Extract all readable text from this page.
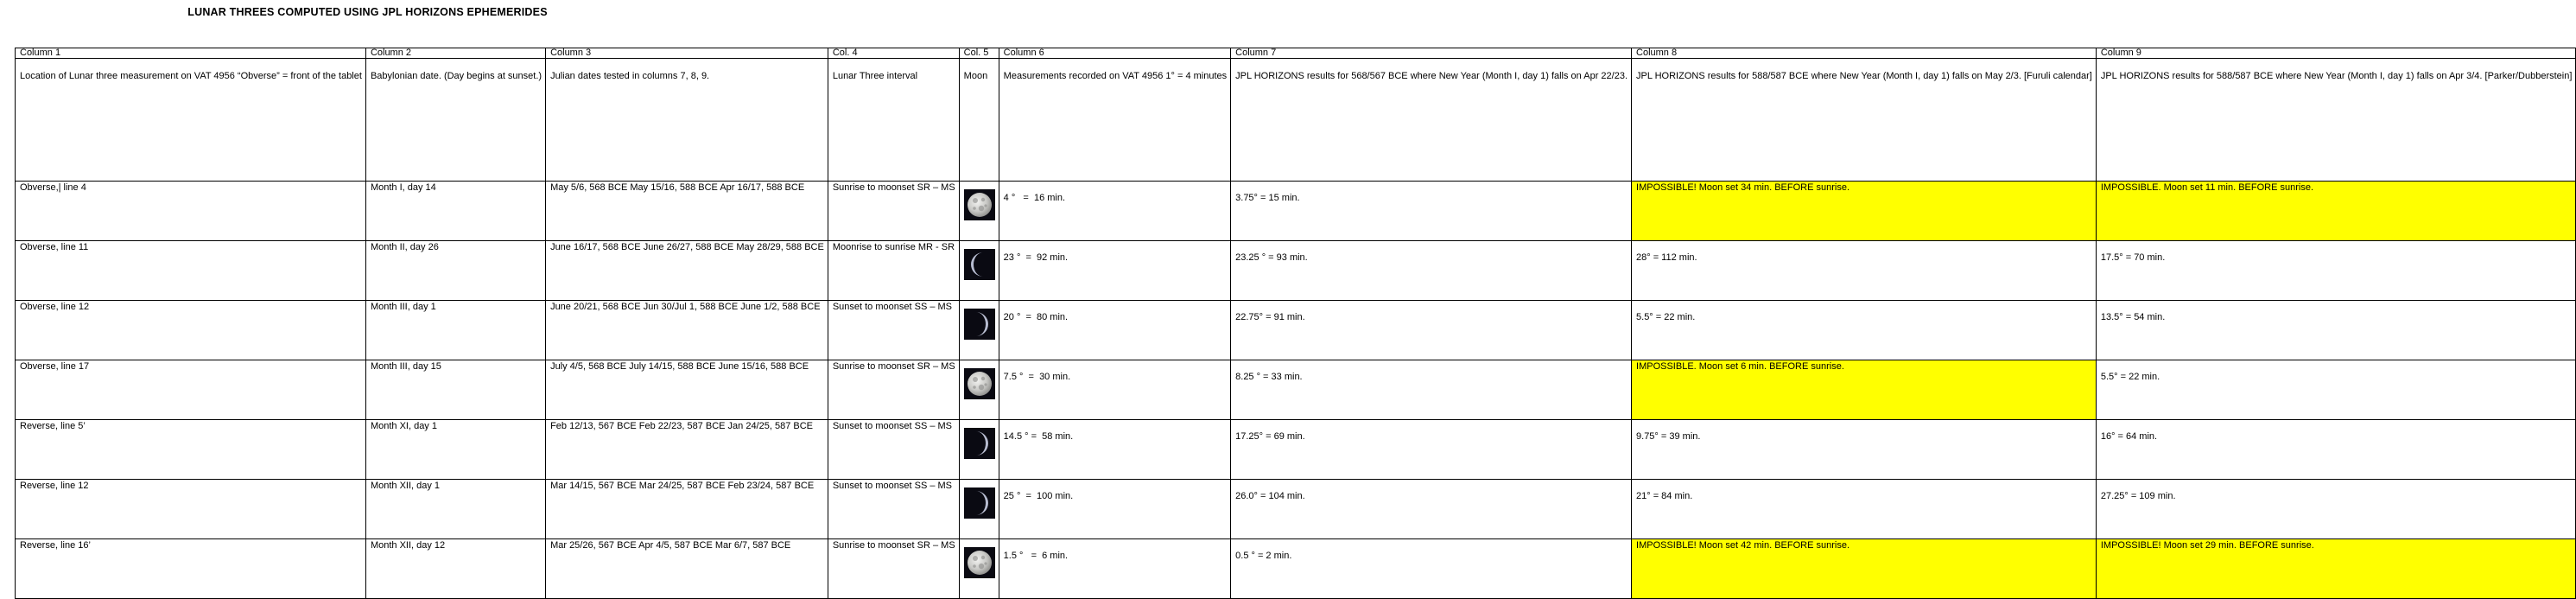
LUNAR THREES COMPUTED USING JPL HORIZONS EPHEMERIDES
Column 1	Column 2	Column 3	Col. 4	Col. 5	Column 6	Column 7	Column 8	Column 9
Location of Lunar three measurement on VAT 4956 “Obverse” = front of the tablet	Babylonian date. (Day begins at sunset.)	Julian dates tested in columns 7, 8, 9.	Lunar Three interval	Moon	Measurements recorded on VAT 4956 1° = 4 minutes	JPL HORIZONS results for 568/567 BCE where New Year (Month I, day 1) falls on Apr 22/23.	JPL HORIZONS results for 588/587 BCE where New Year (Month I, day 1) falls on May 2/3. [Furuli calendar]	JPL HORIZONS results for 588/587 BCE where New Year (Month I, day 1) falls on Apr 3/4. [Parker/Dubberstein]
Obverse,| line 4	Month I, day 14	May 5/6, 568 BCE May 15/16, 588 BCE Apr 16/17, 588 BCE	Sunrise to moonset SR – MS		4 °   =  16 min.	3.75° = 15 min.	IMPOSSIBLE! Moon set 34 min. BEFORE sunrise.	IMPOSSIBLE. Moon set 11 min. BEFORE sunrise.
Obverse, line 11	Month II, day 26	June 16/17, 568 BCE June 26/27, 588 BCE May 28/29, 588 BCE	Moonrise to sunrise MR - SR		23 °  =  92 min.	23.25 ° = 93 min.	28° = 112 min.	17.5° = 70 min.
Obverse, line 12	Month III, day 1	June 20/21, 568 BCE Jun 30/Jul 1, 588 BCE June 1/2, 588 BCE	Sunset to moonset SS – MS		20 °  =  80 min.	22.75° = 91 min.	5.5° = 22 min.	13.5° = 54 min.
Obverse, line 17	Month III, day 15	July 4/5, 568 BCE July 14/15, 588 BCE June 15/16, 588 BCE	Sunrise to moonset SR – MS		7.5 °  =  30 min.	8.25 ° = 33 min.	IMPOSSIBLE. Moon set 6 min. BEFORE sunrise.	5.5° = 22 min.
Reverse, line 5’	Month XI, day 1	Feb 12/13, 567 BCE Feb 22/23, 587 BCE Jan 24/25, 587 BCE	Sunset to moonset SS – MS		14.5 ° =  58 min.	17.25° = 69 min.	9.75° = 39 min.	16° = 64 min.
Reverse, line 12	Month XII, day 1	Mar 14/15, 567 BCE Mar 24/25, 587 BCE Feb 23/24, 587 BCE	Sunset to moonset SS – MS		25 °  =  100 min.	26.0° = 104 min.	21° = 84 min.	27.25° = 109 min.
Reverse, line 16’	Month XII, day 12	Mar 25/26, 567 BCE Apr 4/5, 587 BCE Mar 6/7, 587 BCE	Sunrise to moonset SR – MS		1.5 °   =  6 min.	0.5 ° = 2 min.	IMPOSSIBLE! Moon set 42 min. BEFORE sunrise.	IMPOSSIBLE! Moon set 29 min. BEFORE sunrise.
